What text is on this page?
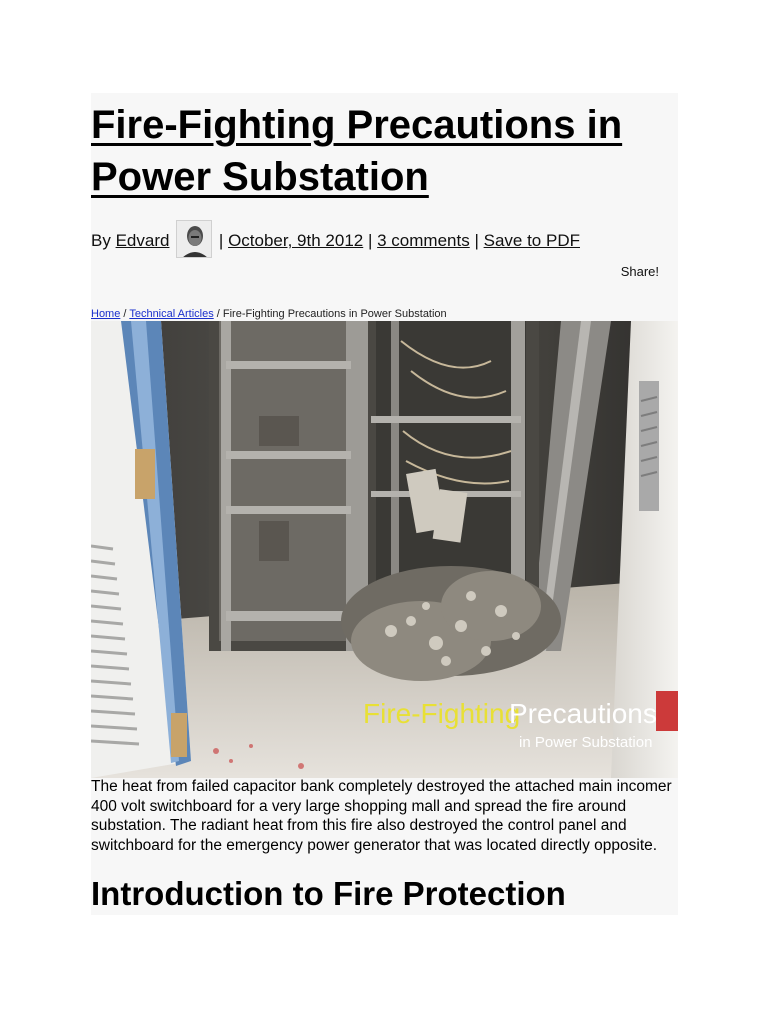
Fire-Fighting Precautions in Power Substation
By Edvard	| October, 9th 2012 | 3 comments | Save to PDF
Share!
Home / Technical Articles / Fire-Fighting Precautions in Power Substation
Fire-Fighting
Precautions
in Power Substation

The heat from failed capacitor bank completely destroyed the attached main incomer 400 volt switchboard for a very large shopping mall and spread the fire around substation. The radiant heat from this fire also destroyed the control panel and switchboard for the emergency power generator that was located directly opposite.

Introduction to Fire Protection
